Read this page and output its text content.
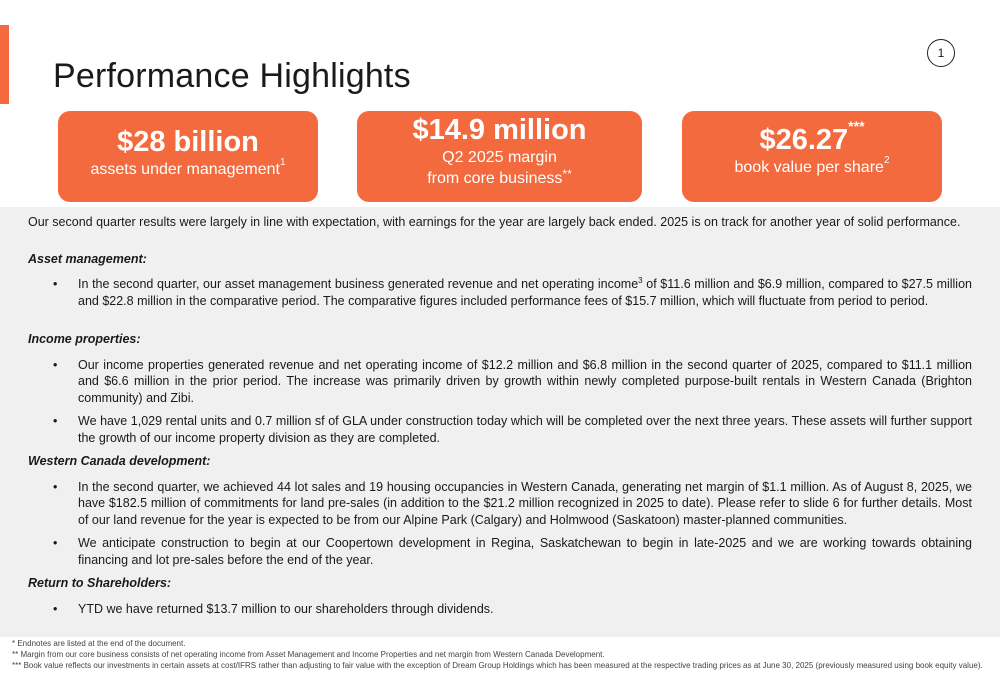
1
Performance Highlights
$28 billion
assets under management$^1$
$14.9 million
Q2 2025 margin
from core business**
$26.27***
book value per share$^2$

Our second quarter results were largely in line with expectation, with earnings for the year are largely back ended. 2025 is on track for another year of solid performance.

Asset management:

• In the second quarter, our asset management business generated revenue and net operating income$^3$ of $11.6 million and $6.9 million, compared to $27.5 million and $22.8 million in the comparative period. The comparative figures included performance fees of $15.7 million, which will fluctuate from period to period.

Income properties:

• Our income properties generated revenue and net operating income of $12.2 million and $6.8 million in the second quarter of 2025, compared to $11.1 million and $6.6 million in the prior period. The increase was primarily driven by growth within newly completed purpose-built rentals in Western Canada (Brighton community) and Zibi.
• We have 1,029 rental units and 0.7 million sf of GLA under construction today which will be completed over the next three years. These assets will further support the growth of our income property division as they are completed.

Western Canada development:

• In the second quarter, we achieved 44 lot sales and 19 housing occupancies in Western Canada, generating net margin of $1.1 million. As of August 8, 2025, we have $182.5 million of commitments for land pre-sales (in addition to the $21.2 million recognized in 2025 to date). Please refer to slide 6 for further details. Most of our land revenue for the year is expected to be from our Alpine Park (Calgary) and Holmwood (Saskatoon) master-planned communities.
• We anticipate construction to begin at our Coopertown development in Regina, Saskatchewan to begin in late-2025 and we are working towards obtaining financing and lot pre-sales before the end of the year.

Return to Shareholders:

• YTD we have returned $13.7 million to our shareholders through dividends.

* Endnotes are listed at the end of the document.

** Margin from our core business consists of net operating income from Asset Management and Income Properties and net margin from Western Canada Development.

*** Book value reflects our investments in certain assets at cost/IFRS rather than adjusting to fair value with the exception of Dream Group Holdings which has been measured at the respective trading prices as at June 30, 2025 (previously measured using book equity value).
